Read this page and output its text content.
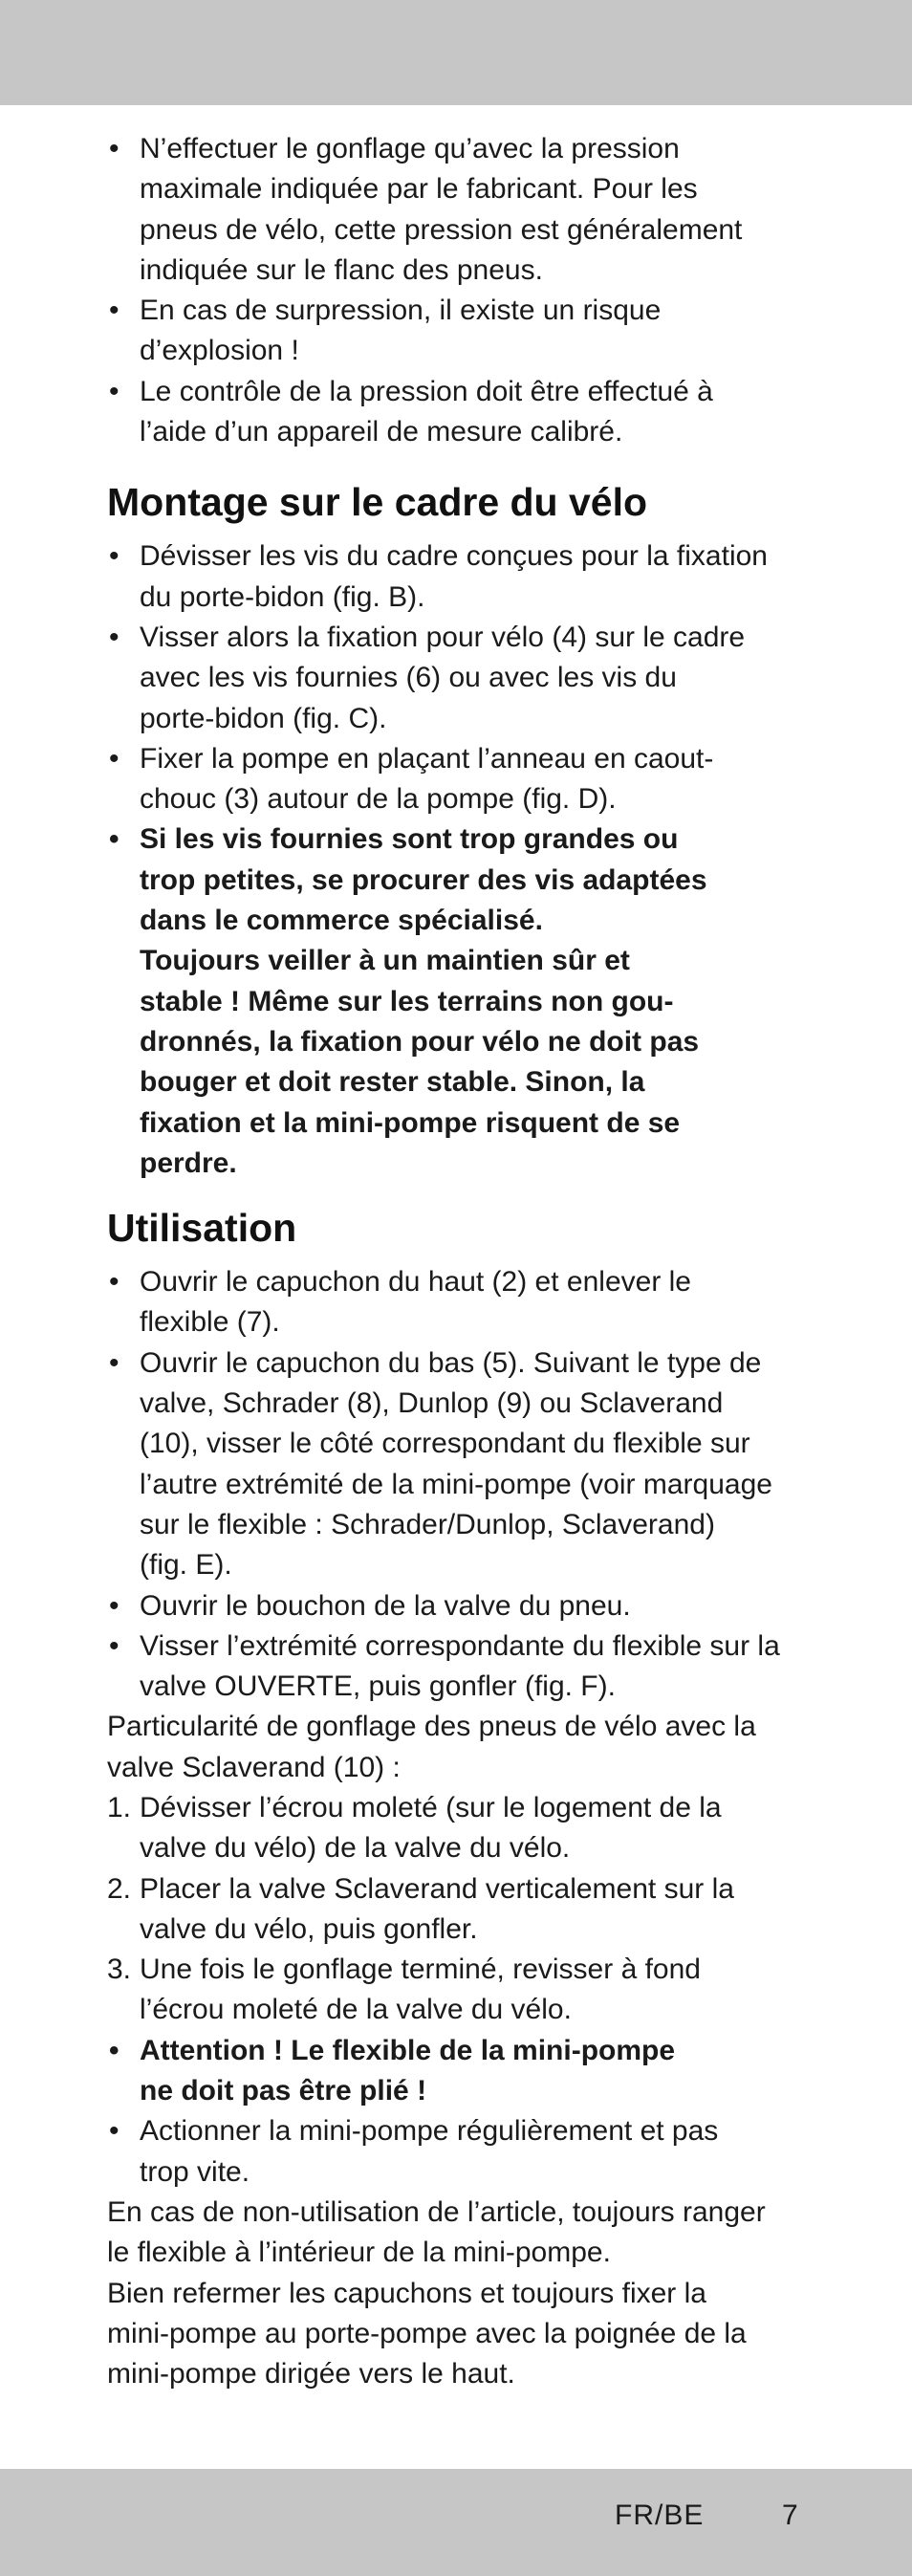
• N’effectuer le gonflage qu’avec la pression
maximale indiquée par le fabricant. Pour les
pneus de vélo, cette pression est généralement
indiquée sur le flanc des pneus.
• En cas de surpression, il existe un risque
d’explosion !
• Le contrôle de la pression doit être effectué à
l’aide d’un appareil de mesure calibré.
Montage sur le cadre du vélo
• Dévisser les vis du cadre conçues pour la fixation
du porte-bidon (fig. B).
• Visser alors la fixation pour vélo (4) sur le cadre
avec les vis fournies (6) ou avec les vis du
porte-bidon (fig. C).
• Fixer la pompe en plaçant l’anneau en caout-
chouc (3) autour de la pompe (fig. D).
• Si les vis fournies sont trop grandes ou
trop petites, se procurer des vis adaptées
dans le commerce spécialisé.
Toujours veiller à un maintien sûr et
stable ! Même sur les terrains non gou-
dronnés, la fixation pour vélo ne doit pas
bouger et doit rester stable. Sinon, la
fixation et la mini-pompe risquent de se
perdre.
Utilisation
• Ouvrir le capuchon du haut (2) et enlever le
flexible (7).
• Ouvrir le capuchon du bas (5). Suivant le type de
valve, Schrader (8), Dunlop (9) ou Sclaverand
(10), visser le côté correspondant du flexible sur
l’autre extrémité de la mini-pompe (voir marquage
sur le flexible : Schrader/Dunlop, Sclaverand)
(fig. E).
• Ouvrir le bouchon de la valve du pneu.
• Visser l’extrémité correspondante du flexible sur la
valve OUVERTE, puis gonfler (fig. F).

Particularité de gonflage des pneus de vélo avec la
valve Sclaverand (10) :

1. Dévisser l’écrou moleté (sur le logement de la
valve du vélo) de la valve du vélo.
2. Placer la valve Sclaverand verticalement sur la
valve du vélo, puis gonfler.
3. Une fois le gonflage terminé, revisser à fond
l’écrou moleté de la valve du vélo.
• Attention ! Le flexible de la mini-pompe
ne doit pas être plié !
• Actionner la mini-pompe régulièrement et pas
trop vite.

En cas de non-utilisation de l’article, toujours ranger
le flexible à l’intérieur de la mini-pompe.
Bien refermer les capuchons et toujours fixer la
mini-pompe au porte-pompe avec la poignée de la
mini-pompe dirigée vers le haut.

FR/BE	7
